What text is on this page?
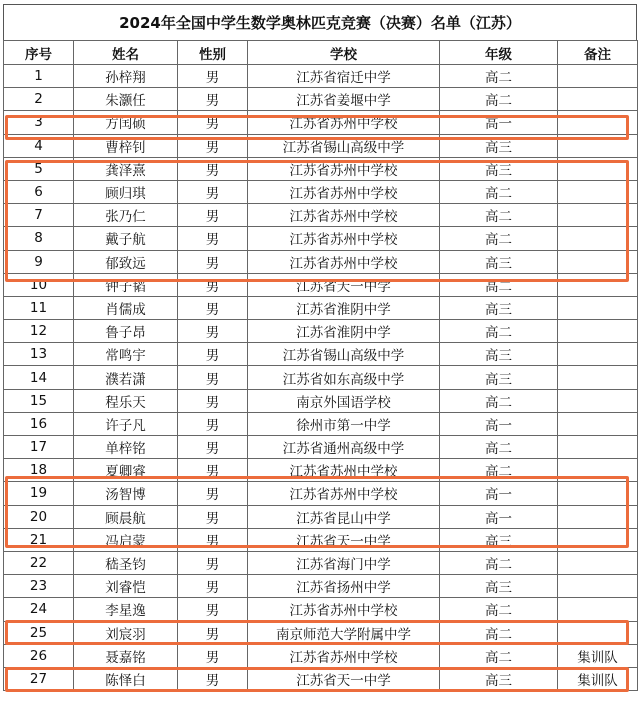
2024年全国中学生数学奥林匹克竞赛（决赛）名单（江苏）
序号	姓名	性别	学校	年级	备注
1	孙梓翔	男	江苏省宿迁中学	高二	
2	朱灏任	男	江苏省姜堰中学	高二	
3	方闰硕	男	江苏省苏州中学校	高一	
4	曹梓钊	男	江苏省锡山高级中学	高三	
5	龚泽熹	男	江苏省苏州中学校	高三	
6	顾归琪	男	江苏省苏州中学校	高二	
7	张乃仁	男	江苏省苏州中学校	高二	
8	戴子航	男	江苏省苏州中学校	高二	
9	郁致远	男	江苏省苏州中学校	高三	
10	钟子韬	男	江苏省天一中学	高二	
11	肖儒成	男	江苏省淮阴中学	高三	
12	鲁子昂	男	江苏省淮阴中学	高二	
13	常鸣宇	男	江苏省锡山高级中学	高三	
14	濮若潇	男	江苏省如东高级中学	高三	
15	程乐天	男	南京外国语学校	高二	
16	许子凡	男	徐州市第一中学	高一	
17	单梓铭	男	江苏省通州高级中学	高二	
18	夏卿睿	男	江苏省苏州中学校	高二	
19	汤智博	男	江苏省苏州中学校	高一	
20	顾晨航	男	江苏省昆山中学	高一	
21	冯启蒙	男	江苏省天一中学	高三	
22	嵇圣钧	男	江苏省海门中学	高二	
23	刘睿恺	男	江苏省扬州中学	高三	
24	李星逸	男	江苏省苏州中学校	高二	
25	刘宸羽	男	南京师范大学附属中学	高二	
26	聂嘉铭	男	江苏省苏州中学校	高二	集训队
27	陈怿白	男	江苏省天一中学	高三	集训队
